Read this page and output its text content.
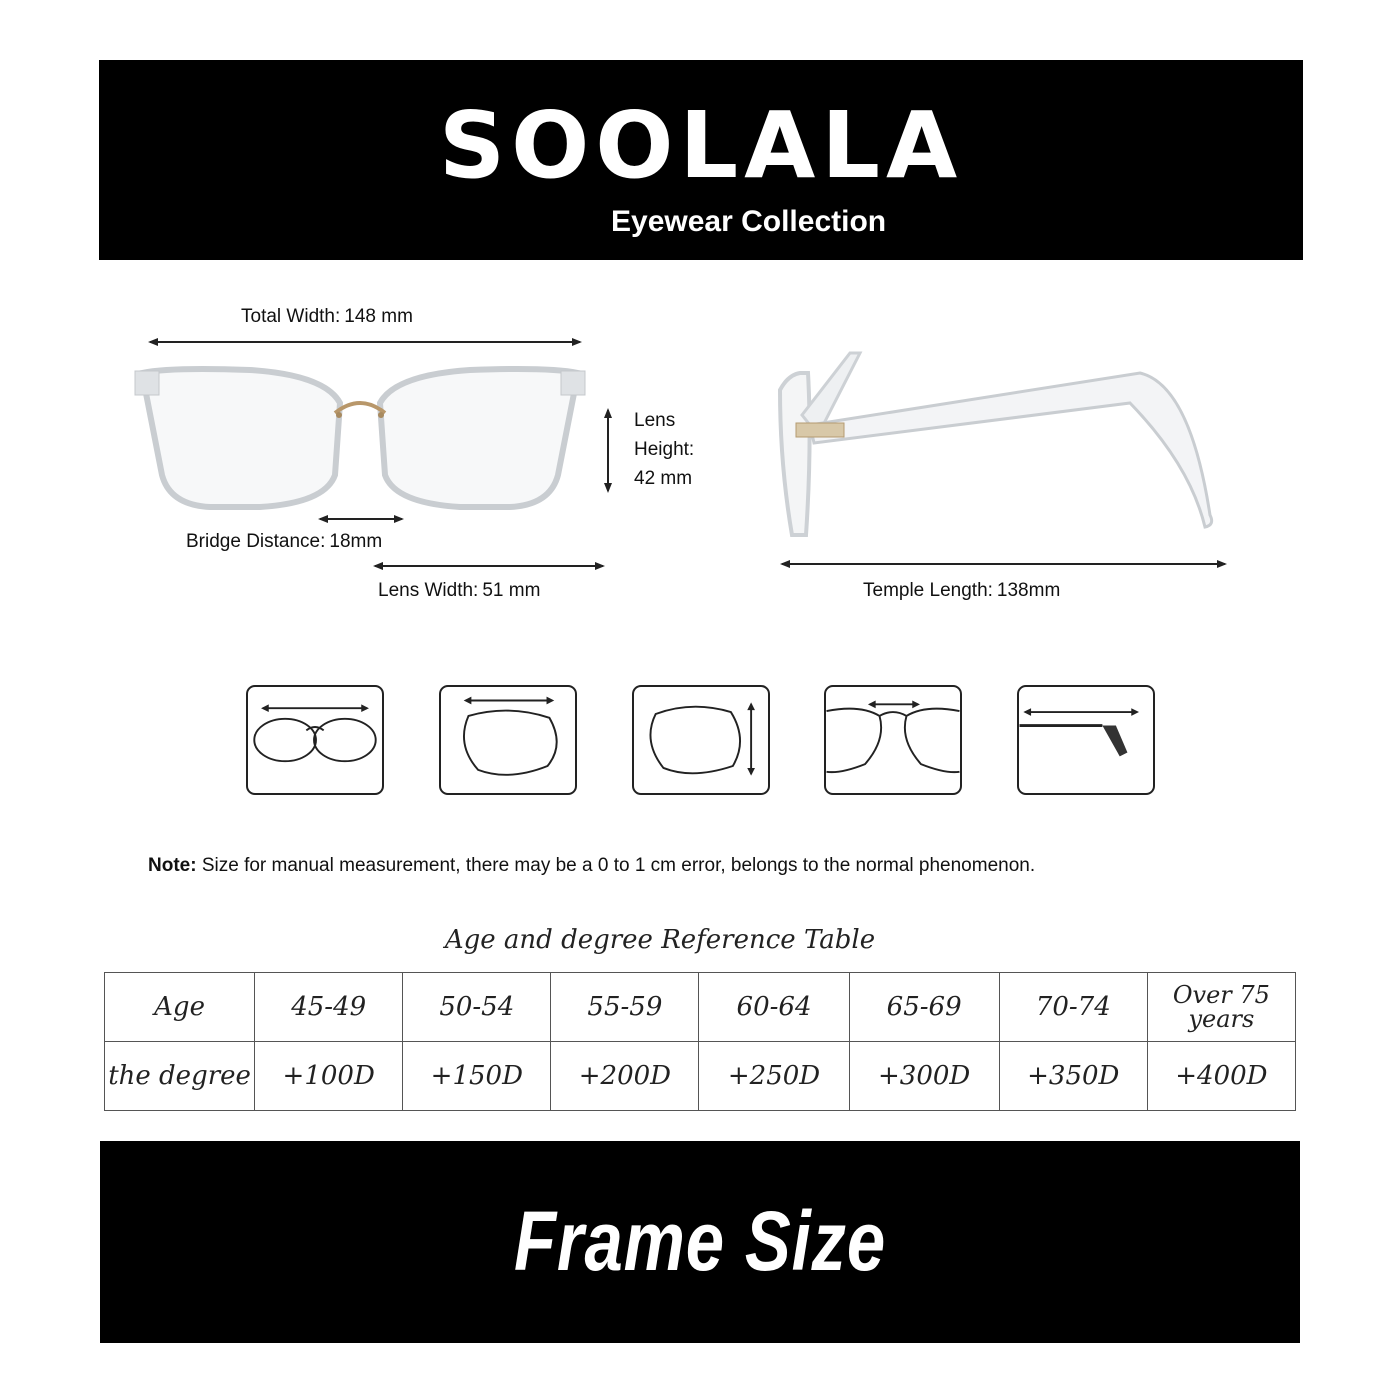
SOOLALA
Eyewear Collection
Total Width: 148 mm
Lens
Height:
42 mm
Bridge Distance: 18mm
Lens Width: 51 mm	Temple Length: 138mm
Note: Size for manual measurement, there may be a 0 to 1 cm error, belongs to the normal phenomenon.
Age and degree Reference Table
Age	45-49	50-54	55-59	60-64	65-69	70-74	Over 75 years
the degree	+100D	+150D	+200D	+250D	+300D	+350D	+400D
Frame Size
